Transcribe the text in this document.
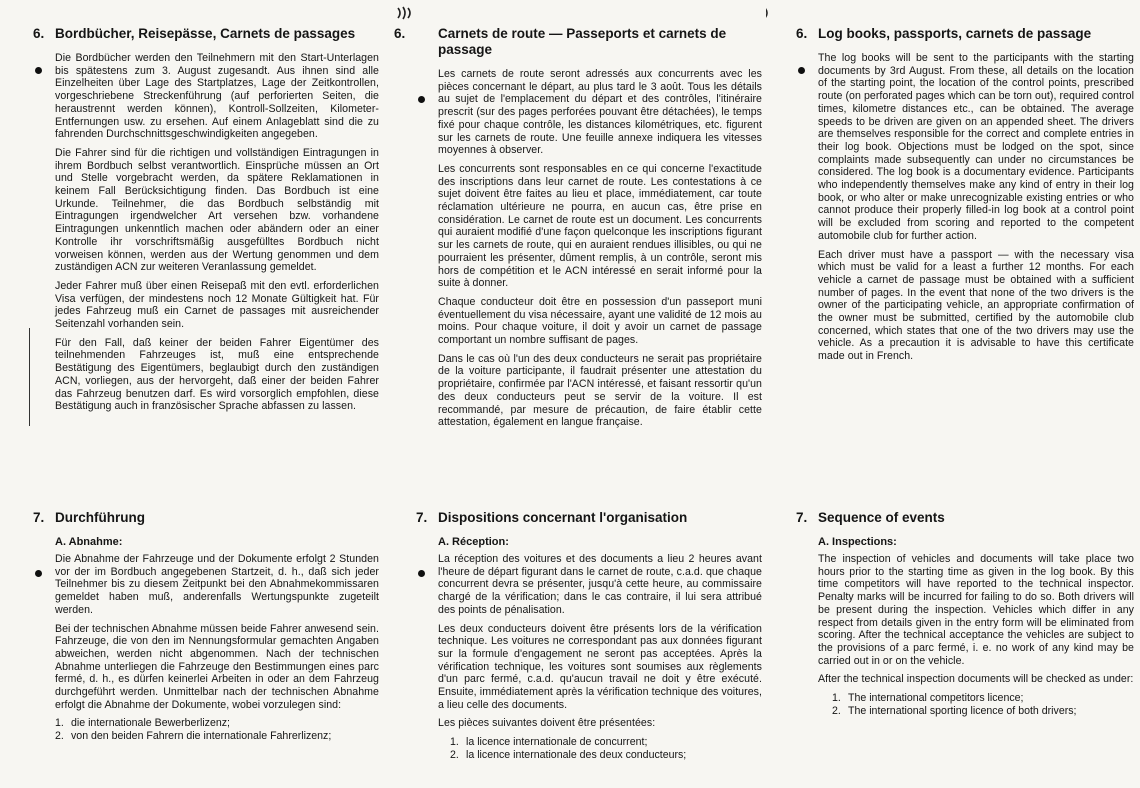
6. Bordbücher, Reisepässe, Carnets de passages

Die Bordbücher werden den Teilnehmern mit den Start-Unterlagen bis spätestens zum 3. August zugesandt. Aus ihnen sind alle Einzelheiten über Lage des Startplatzes, Lage der Zeitkontrollen, vorgeschriebene Streckenführung (auf perforierten Seiten, die heraustrennt werden können), Kontroll-Sollzeiten, Kilometer-Entfernungen usw. zu ersehen. Auf einem Anlageblatt sind die zu fahrenden Durchschnittsgeschwindigkeiten angegeben.

Die Fahrer sind für die richtigen und vollständigen Eintragungen in ihrem Bordbuch selbst verantwortlich. Einsprüche müssen an Ort und Stelle vorgebracht werden, da spätere Reklamationen in keinem Fall Berücksichtigung finden. Das Bordbuch ist eine Urkunde. Teilnehmer, die das Bordbuch selbständig mit Eintragungen irgendwelcher Art versehen bzw. vorhandene Eintragungen unkenntlich machen oder abändern oder an einer Kontrolle ihr vorschriftsmäßig ausgefülltes Bordbuch nicht vorweisen können, werden aus der Wertung genommen und dem zuständigen ACN zur weiteren Veranlassung gemeldet.

Jeder Fahrer muß über einen Reisepaß mit den evtl. erforderlichen Visa verfügen, der mindestens noch 12 Monate Gültigkeit hat. Für jedes Fahrzeug muß ein Carnet de passages mit ausreichender Seitenzahl vorhanden sein.

Für den Fall, daß keiner der beiden Fahrer Eigentümer des teilnehmenden Fahrzeuges ist, muß eine entsprechende Bestätigung des Eigentümers, beglaubigt durch den zuständigen ACN, vorliegen, aus der hervorgeht, daß einer der beiden Fahrer das Fahrzeug benutzen darf. Es wird vorsorglich empfohlen, diese Bestätigung auch in französischer Sprache abfassen zu lassen.

7. Durchführung
A. Abnahme:

Die Abnahme der Fahrzeuge und der Dokumente erfolgt 2 Stunden vor der im Bordbuch angegebenen Startzeit, d. h., daß sich jeder Teilnehmer bis zu diesem Zeitpunkt bei den Abnahmekommissaren gemeldet haben muß, anderenfalls Wertungspunkte zugeteilt werden.

Bei der technischen Abnahme müssen beide Fahrer anwesend sein. Fahrzeuge, die von den im Nennungsformular gemachten Angaben abweichen, werden nicht abgenommen. Nach der technischen Abnahme unterliegen die Fahrzeuge den Bestimmungen eines parc fermé, d. h., es dürfen keinerlei Arbeiten in oder an dem Fahrzeug durchgeführt werden. Unmittelbar nach der technischen Abnahme erfolgt die Abnahme der Dokumente, wobei vorzulegen sind:

1. die internationale Bewerberlizenz;
2. von den beiden Fahrern die internationale Fahrerlizenz;
6. Carnets de route — Passeports et carnets de passage

Les carnets de route seront adressés aux concurrents avec les pièces concernant le départ, au plus tard le 3 août. Tous les détails au sujet de l'emplacement du départ et des contrôles, l'itinéraire prescrit (sur des pages perforées pouvant être détachées), le temps fixé pour chaque contrôle, les distances kilométriques, etc. figurent sur les carnets de route. Une feuille annexe indiquera les vitesses moyennes à observer.

Les concurrents sont responsables en ce qui concerne l'exactitude des inscriptions dans leur carnet de route. Les contestations à ce sujet doivent être faites au lieu et place, immédiatement, car toute réclamation ultérieure ne pourra, en aucun cas, être prise en considération. Le carnet de route est un document. Les concurrents qui auraient modifié d'une façon quelconque les inscriptions figurant sur les carnets de route, qui en auraient rendues illisibles, ou qui ne pourraient les présenter, dûment remplis, à un contrôle, seront mis hors de compétition et le ACN intéressé en serait informé pour la suite à donner.

Chaque conducteur doit être en possession d'un passeport muni éventuellement du visa nécessaire, ayant une validité de 12 mois au moins. Pour chaque voiture, il doit y avoir un carnet de passage comportant un nombre suffisant de pages.

Dans le cas où l'un des deux conducteurs ne serait pas propriétaire de la voiture participante, il faudrait présenter une attestation du propriétaire, confirmée par l'ACN intéressé, et faisant ressortir qu'un des deux conducteurs peut se servir de la voiture. Il est recommandé, par mesure de précaution, de faire établir cette attestation, également en langue française.

7. Dispositions concernant l'organisation
A. Réception:

La réception des voitures et des documents a lieu 2 heures avant l'heure de départ figurant dans le carnet de route, c.a.d. que chaque concurrent devra se présenter, jusqu'à cette heure, au commissaire chargé de la vérification; dans le cas contraire, il lui sera attribué des points de pénalisation.

Les deux conducteurs doivent être présents lors de la vérification technique. Les voitures ne correspondant pas aux données figurant sur la formule d'engagement ne seront pas acceptées. Après la vérification technique, les voitures sont soumises aux règlements d'un parc fermé, c.a.d. qu'aucun travail ne doit y être exécuté. Ensuite, immédiatement après la vérification technique des voitures, a lieu celle des documents.

Les pièces suivantes doivent être présentées:

1. la licence internationale de concurrent;
2. la licence internationale des deux conducteurs;
6. Log books, passports, carnets de passage

The log books will be sent to the participants with the starting documents by 3rd August. From these, all details on the location of the starting point, the location of the control points, prescribed route (on perforated pages which can be torn out), required control times, kilometre distances etc., can be obtained. The average speeds to be driven are given on an appended sheet. The drivers are themselves responsible for the correct and complete entries in their log book. Objections must be lodged on the spot, since complaints made subsequently can under no circumstances be considered. The log book is a documentary evidence. Participants who independently themselves make any kind of entry in their log book, or who alter or make unrecognizable existing entries or who cannot produce their properly filled-in log book at a control point will be excluded from scoring and reported to the competent automobile club for further action.

Each driver must have a passport — with the necessary visa which must be valid for a least a further 12 months. For each vehicle a carnet de passage must be obtained with a sufficient number of pages. In the event that none of the two drivers is the owner of the participating vehicle, an appropriate confirmation of the owner must be submitted, certified by the automobile club concerned, which states that one of the two drivers may use the vehicle. As a precaution it is advisable to have this certificate made out in French.

7. Sequence of events
A. Inspections:

The inspection of vehicles and documents will take place two hours prior to the starting time as given in the log book. By this time competitors will have reported to the technical inspector. Penalty marks will be incurred for failing to do so. Both drivers will be present during the inspection. Vehicles which differ in any respect from details given in the entry form will be eliminated from scoring. After the technical acceptance the vehicles are subject to the provisions of a parc fermé, i. e. no work of any kind may be carried out in or on the vehicle.

After the technical inspection documents will be checked as under:

1. The international competitors licence;
2. The international sporting licence of both drivers;
